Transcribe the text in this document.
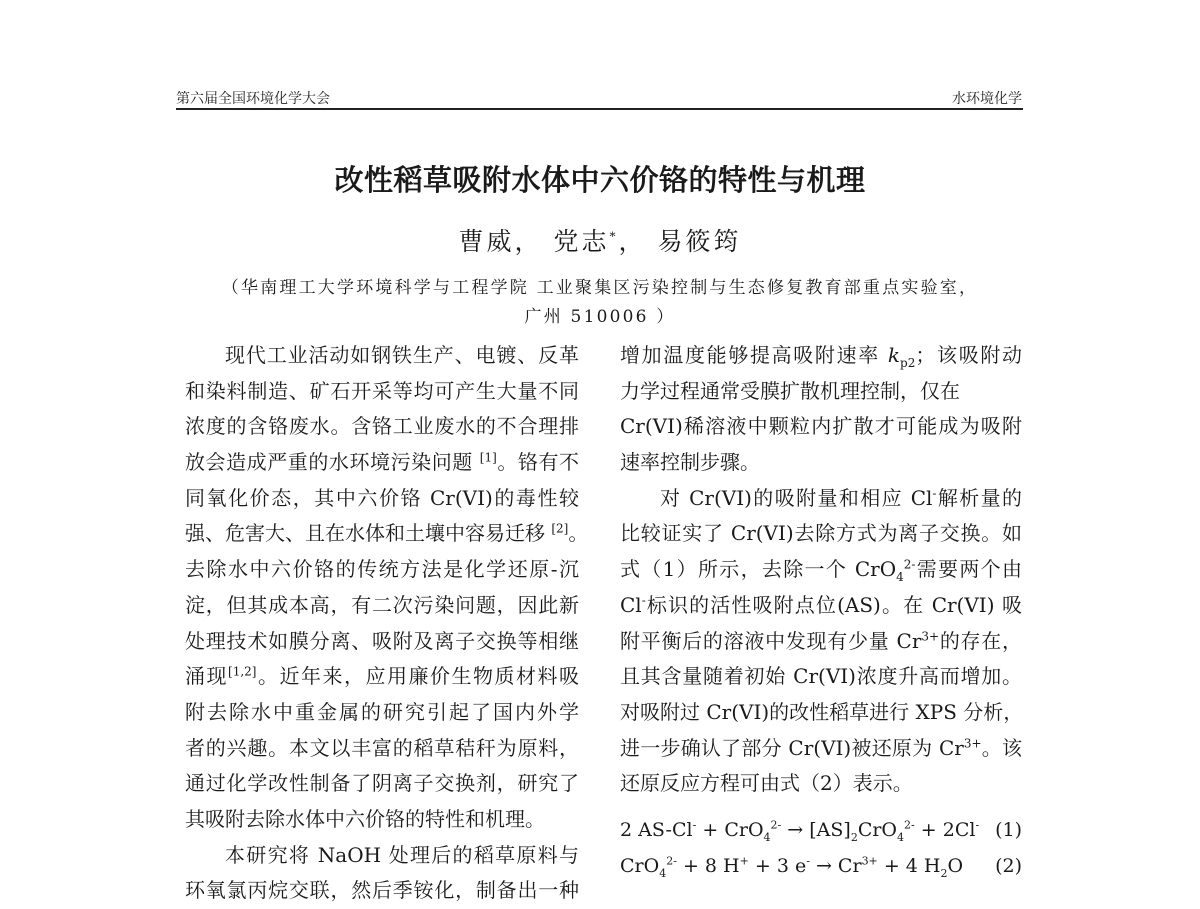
第六届全国环境化学大会	水环境化学
改性稻草吸附水体中六价铬的特性与机理
曹威， 党志*， 易筱筠
（华南理工大学环境科学与工程学院 工业聚集区污染控制与生态修复教育部重点实验室，
广州 510006 ）
现代工业活动如钢铁生产、电镀、反革
和染料制造、矿石开采等均可产生大量不同
浓度的含铬废水。含铬工业废水的不合理排
放会造成严重的水环境污染问题 [1]。铬有不
同氧化价态，其中六价铬 Cr(VI)的毒性较
强、危害大、且在水体和土壤中容易迁移 [2]。
去除水中六价铬的传统方法是化学还原-沉
淀，但其成本高，有二次污染问题，因此新
处理技术如膜分离、吸附及离子交换等相继
涌现[1,2]。近年来，应用廉价生物质材料吸
附去除水中重金属的研究引起了国内外学
者的兴趣。本文以丰富的稻草秸秆为原料，
通过化学改性制备了阴离子交换剂，研究了
其吸附去除水体中六价铬的特性和机理。
本研究将 NaOH 处理后的稻草原料与
环氧氯丙烷交联，然后季铵化，制备出一种
增加温度能够提高吸附速率 $k_{p2}$；该吸附动
力学过程通常受膜扩散机理控制，仅在
Cr(VI)稀溶液中颗粒内扩散才可能成为吸附
速率控制步骤。
对 Cr(VI)的吸附量和相应 Cl-解析量的
比较证实了 Cr(VI)去除方式为离子交换。如
式（1）所示，去除一个 CrO$_4^{2-}$需要两个由
Cl-标识的活性吸附点位(AS)。在 Cr(VI) 吸
附平衡后的溶液中发现有少量 $Cr^{3+}$的存在，
且其含量随着初始 Cr(VI)浓度升高而增加。
对吸附过 Cr(VI)的改性稻草进行 XPS 分析，
进一步确认了部分 Cr(VI)被还原为 $Cr^{3+}$。该
还原反应方程可由式（2）表示。
2 $AS-Cl^- + CrO_4^{2-} \to [AS]_2CrO_4^{2-} + 2Cl^-$ (1)
CrO$_4^{2-}$ + 8 H+ + 3 $e^- \to Cr^{3+} + 4$ $H_2O$ (2)
